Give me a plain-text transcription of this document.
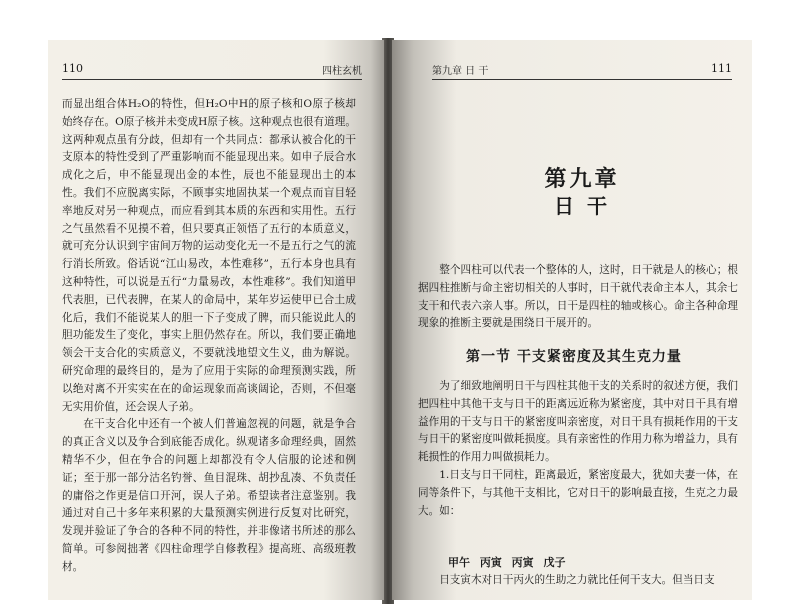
110	四柱玄机

而显出组合体H₂O的特性，但H₂O中H的原子核和O原子核却始终存在。O原子核并未变成H原子核。这种观点也很有道理。这两种观点虽有分歧，但却有一个共同点：都承认被合化的干支原本的特性受到了严重影响而不能显现出来。如申子辰合水成化之后，申不能显现出金的本性，辰也不能显现出土的本性。我们不应脱离实际，不顾事实地固执某一个观点而盲目轻率地反对另一种观点，而应看到其本质的东西和实用性。五行之气虽然看不见摸不着，但只要真正领悟了五行的本质意义，就可充分认识到宇宙间万物的运动变化无一不是五行之气的流行消长所致。俗话说“江山易改，本性难移”，五行本身也具有这种特性，可以说是五行“力量易改，本性难移”。我们知道甲代表胆，已代表脾，在某人的命局中，某年岁运使甲已合土成化后，我们不能说某人的胆一下子变成了脾，而只能说此人的胆功能发生了变化，事实上胆仍然存在。所以，我们要正确地领会干支合化的实质意义，不要就浅地望文生义，曲为解说。研究命理的最终目的，是为了应用于实际的命理预测实践，所以绝对离不开实实在在的命运现象而高谈阔论，否则，不但毫无实用价值，还会误人子弟。

在干支合化中还有一个被人们普遍忽视的问题，就是争合的真正含义以及争合到底能否成化。纵观诸多命理经典，固然精华不少，但在争合的问题上却都没有令人信服的论述和例证；至于那一部分沽名钓誉、鱼目混珠、胡抄乱凑、不负责任的庸俗之作更是信口开河，误人子弟。希望读者注意鉴别。我通过对自己十多年来积累的大量预测实例进行反复对比研究，发现并验证了争合的各种不同的特性，并非像诸书所述的那么简单。可参阅拙著《四柱命理学自修教程》提高班、高级班教材。

第九章 日 干	111
第九章
日 干

整个四柱可以代表一个整体的人，这时，日干就是人的核心；根据四柱推断与命主密切相关的人事时，日干就代表命主本人，其余七支干和代表六亲人事。所以，日干是四柱的轴或核心。命主各种命理现象的推断主要就是围绕日干展开的。

第一节 干支紧密度及其生克力量

为了细致地阐明日干与四柱其他干支的关系时的叙述方便，我们把四柱中其他干支与日干的距离远近称为紧密度，其中对日干具有增益作用的干支与日干的紧密度叫亲密度，对日干具有损耗作用的干支与日干的紧密度叫做耗损度。具有亲密性的作用力称为增益力，具有耗损性的作用力叫做损耗力。

1.日支与日干同柱，距离最近，紧密度最大，犹如夫妻一体，在同等条件下，与其他干支相比，它对日干的影响最直接，生克之力最大。如：

甲午 丙寅 丙寅 戊子

日支寅木对日干丙火的生助之力就比任何干支大。但当日支
